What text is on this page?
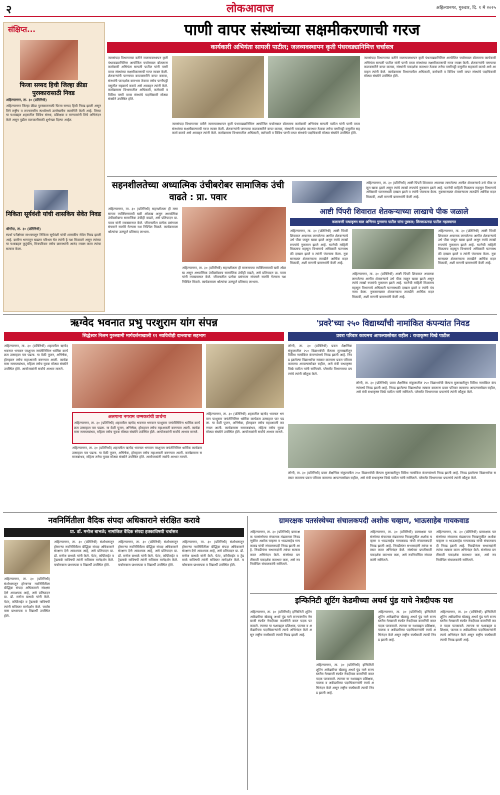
२	लोकआवाज	अहिल्यानगर, गुरुवार, दि. १ मे २०२५
संक्षिप्त...
फिजा सय्यद हिची जिल्हा क्रीडा पुरस्कारासाठी निवड
अहिल्यानगर, ता. ३० (प्रतिनिधी)
अहिल्यानगर जिल्हा क्रीडा पुरस्कारासाठी फिजा सय्यद हिची निवड झाली असून तिने राष्ट्रीय व राज्यस्तरीय स्पर्धांमध्ये उल्लेखनीय कामगिरी केली आहे. तिच्या या यशाबद्दल शहरातील विविध संस्था, प्रशिक्षक व मान्यवरांनी तिचे अभिनंदन केले असून पुढील वाटचालीसाठी शुभेच्छा दिल्या आहेत.
निकिता सूर्यवंशी यांची शासकिय सेवेत निवड
श्रीगोंदा, ता. ३० (प्रतिनिधी)
स्पर्धा परीक्षेच्या माध्यमातून निकिता सूर्यवंशी यांची शासकीय सेवेत निवड झाली आहे. ग्रामीण भागातून खडतर परिश्रम घेत त्यांनी हे यश मिळवले असून त्यांच्या या यशाबद्दल कुटुंबीय, मित्रपरिवार तसेच ग्रामस्थांनी आनंद व्यक्त करत त्यांचा सत्कार केला.
पाणी वापर संस्थांच्या सक्षमीकरणाची गरज
कार्यकारी अभियंता सायली पाटील; जलव्यवस्थापन कृती पंधरवड्यानिमित्त चर्चासत्र
जलसंपदा विभागाच्या वतीने जलव्यवस्थापन कृती पंधरवड्यानिमित्त आयोजित चर्चासत्रात बोलताना कार्यकारी अभियंता सायली पाटील यांनी पाणी वापर संस्थांच्या सक्षमीकरणाची गरज व्यक्त केली. शेतकऱ्यांनी पाण्याचा काटकसरीने वापर करावा, संस्थांनी पारदर्शक कारभार ठेवावा तसेच पाणीपट्टी वसुलीत सहकार्य करावे असे आवाहन त्यांनी केले. कार्यक्रमास विभागातील अधिकारी, कर्मचारी व विविध पाणी वापर संस्थांचे पदाधिकारी मोठ्या संख्येने उपस्थित होते.
जलसंपदा विभागाच्या वतीने जलव्यवस्थापन कृती पंधरवड्यानिमित्त आयोजित चर्चासत्रात बोलताना कार्यकारी अभियंता सायली पाटील यांनी पाणी वापर संस्थांच्या सक्षमीकरणाची गरज व्यक्त केली. शेतकऱ्यांनी पाण्याचा काटकसरीने वापर करावा, संस्थांनी पारदर्शक कारभार ठेवावा तसेच पाणीपट्टी वसुलीत सहकार्य करावे असे आवाहन त्यांनी केले. कार्यक्रमास विभागातील अधिकारी, कर्मचारी व विविध पाणी वापर संस्थांचे पदाधिकारी मोठ्या संख्येने उपस्थित होते.
जलसंपदा विभागाच्या वतीने जलव्यवस्थापन कृती पंधरवड्यानिमित्त आयोजित चर्चासत्रात बोलताना कार्यकारी अभियंता सायली पाटील यांनी पाणी वापर संस्थांच्या सक्षमीकरणाची गरज व्यक्त केली. शेतकऱ्यांनी पाण्याचा काटकसरीने वापर करावा, संस्थांनी पारदर्शक कारभार ठेवावा तसेच पाणीपट्टी वसुलीत सहकार्य करावे असे आवाहन त्यांनी केले. कार्यक्रमास विभागातील अधिकारी, कर्मचारी व विविध पाणी वापर संस्थांचे पदाधिकारी मोठ्या संख्येने उपस्थित होते.
सहनशीलतेच्या अध्यात्मिक उंचीबरोबर सामाजिक उंची वाढते : प्रा. पवार
अहिल्यानगर, ता. ३० (प्रतिनिधी) सहनशीलता ही माणसाच्या व्यक्तिमत्त्वाची खरी ओळख असून अध्यात्मिक उंचीबरोबरच सामाजिक उंचीही वाढते, असे प्रतिपादन प्रा. पवार यांनी व्याख्यानात केले. जीवनातील प्रत्येक प्रसंगाला संयमाने सामोरे गेल्यास यश निश्चित मिळते. कार्यक्रमाला श्रोत्यांचा उत्स्फूर्त प्रतिसाद लाभला.
अहिल्यानगर, ता. ३० (प्रतिनिधी) सहनशीलता ही माणसाच्या व्यक्तिमत्त्वाची खरी ओळख असून अध्यात्मिक उंचीबरोबरच सामाजिक उंचीही वाढते, असे प्रतिपादन प्रा. पवार यांनी व्याख्यानात केले. जीवनातील प्रत्येक प्रसंगाला संयमाने सामोरे गेल्यास यश निश्चित मिळते. कार्यक्रमाला श्रोत्यांचा उत्स्फूर्त प्रतिसाद लाभला.
अहिल्यानगर, ता. ३० (प्रतिनिधी) आष्टी पिंपरी शिवारात अचानक लागलेल्या आगीत शेतकऱ्याचे उभे पीक जळून खाक झाले असून त्यांचे लाखो रुपयांचे नुकसान झाले आहे. घटनेची माहिती मिळताच महसूल विभागाचे अधिकारी घटनास्थळी दाखल झाले व त्यांनी पंचनामा केला. नुकसानग्रस्त शेतकऱ्याला तातडीने आर्थिक मदत मिळावी, अशी मागणी ग्रामस्थांनी केली आहे.
आष्टी पिंपरी शिवारात शेतकऱ्याच्या लाखाचे पीक जळाले
कलावन्ती राधाकृष्ण बाल अभिनय गुणवन्त पाटील यांना पुस्कार; लिल्लाऊनदा पाटील महास्वागत
अहिल्यानगर, ता. ३० (प्रतिनिधी) आष्टी पिंपरी शिवारात अचानक लागलेल्या आगीत शेतकऱ्याचे उभे पीक जळून खाक झाले असून त्यांचे लाखो रुपयांचे नुकसान झाले आहे. घटनेची माहिती मिळताच महसूल विभागाचे अधिकारी घटनास्थळी दाखल झाले व त्यांनी पंचनामा केला. नुकसानग्रस्त शेतकऱ्याला तातडीने आर्थिक मदत मिळावी, अशी मागणी ग्रामस्थांनी केली आहे.
अहिल्यानगर, ता. ३० (प्रतिनिधी) आष्टी पिंपरी शिवारात अचानक लागलेल्या आगीत शेतकऱ्याचे उभे पीक जळून खाक झाले असून त्यांचे लाखो रुपयांचे नुकसान झाले आहे. घटनेची माहिती मिळताच महसूल विभागाचे अधिकारी घटनास्थळी दाखल झाले व त्यांनी पंचनामा केला. नुकसानग्रस्त शेतकऱ्याला तातडीने आर्थिक मदत मिळावी, अशी मागणी ग्रामस्थांनी केली आहे.
अहिल्यानगर, ता. ३० (प्रतिनिधी) आष्टी पिंपरी शिवारात अचानक लागलेल्या आगीत शेतकऱ्याचे उभे पीक जळून खाक झाले असून त्यांचे लाखो रुपयांचे नुकसान झाले आहे. घटनेची माहिती मिळताच महसूल विभागाचे अधिकारी घटनास्थळी दाखल झाले व त्यांनी पंचनामा केला. नुकसानग्रस्त शेतकऱ्याला तातडीने आर्थिक मदत मिळावी, अशी मागणी ग्रामस्थांनी केली आहे.
ऋग्वेद भवनात प्रभु परशुराम यांग संपन्न
सिद्धेश्वर निलम गुरुस्वामी मार्गदर्शनाखाली ११ नवविधीही दान्त्याचा सहभाग
अहिल्यानगर, ता. ३० (प्रतिनिधी) शहरातील ऋग्वेद भवनात भगवान परशुराम जयंतीनिमित्त धार्मिक कार्यक्रम उत्साहात पार पडला. या वेळी पूजन, अभिषेक, होमहवन तसेच महाआरती करण्यात आली. कार्यक्रमास समाजबांधव, महिला तसेच युवक मोठ्या संख्येने उपस्थित होते. आयोजकांनी सर्वांचे आभार मानले.
अलगाना नगराम धम्मकरांची प्रार्थना
अहिल्यानगर, ता. ३० (प्रतिनिधी) शहरातील ऋग्वेद भवनात भगवान परशुराम जयंतीनिमित्त धार्मिक कार्यक्रम उत्साहात पार पडला. या वेळी पूजन, अभिषेक, होमहवन तसेच महाआरती करण्यात आली. कार्यक्रमास समाजबांधव, महिला तसेच युवक मोठ्या संख्येने उपस्थित होते. आयोजकांनी सर्वांचे आभार मानले.
अहिल्यानगर, ता. ३० (प्रतिनिधी) शहरातील ऋग्वेद भवनात भगवान परशुराम जयंतीनिमित्त धार्मिक कार्यक्रम उत्साहात पार पडला. या वेळी पूजन, अभिषेक, होमहवन तसेच महाआरती करण्यात आली. कार्यक्रमास समाजबांधव, महिला तसेच युवक मोठ्या संख्येने उपस्थित होते. आयोजकांनी सर्वांचे आभार मानले.
अहिल्यानगर, ता. ३० (प्रतिनिधी) शहरातील ऋग्वेद भवनात भगवान परशुराम जयंतीनिमित्त धार्मिक कार्यक्रम उत्साहात पार पडला. या वेळी पूजन, अभिषेक, होमहवन तसेच महाआरती करण्यात आली. कार्यक्रमास समाजबांधव, महिला तसेच युवक मोठ्या संख्येने उपस्थित होते. आयोजकांनी सर्वांचे आभार मानले.
'प्रवरे'च्या २५० विद्यार्थ्यांची नामांकित कंपन्यांत निवड
प्रवरा परिवार कायमच आपल्यासोबत राहील : राधाकृष्ण विखे पाटील
लोणी, ता. ३० (प्रतिनिधी) प्रवरा शैक्षणिक संकुलातील २५० विद्यार्थ्यांची कॅम्पस मुलाखतीतून विविध नामांकित कंपन्यांमध्ये निवड झाली आहे. निवड झालेल्या विद्यार्थ्यांचा सत्कार करताना प्रवरा परिवार कायमच आपल्यासोबत राहील, असे मंत्री राधाकृष्ण विखे पाटील यांनी सांगितले. प्लेसमेंट विभागाच्या प्रयत्नांचे त्यांनी कौतुक केले.
लोणी, ता. ३० (प्रतिनिधी) प्रवरा शैक्षणिक संकुलातील २५० विद्यार्थ्यांची कॅम्पस मुलाखतीतून विविध नामांकित कंपन्यांमध्ये निवड झाली आहे. निवड झालेल्या विद्यार्थ्यांचा सत्कार करताना प्रवरा परिवार कायमच आपल्यासोबत राहील, असे मंत्री राधाकृष्ण विखे पाटील यांनी सांगितले. प्लेसमेंट विभागाच्या प्रयत्नांचे त्यांनी कौतुक केले.
लोणी, ता. ३० (प्रतिनिधी) प्रवरा शैक्षणिक संकुलातील २५० विद्यार्थ्यांची कॅम्पस मुलाखतीतून विविध नामांकित कंपन्यांमध्ये निवड झाली आहे. निवड झालेल्या विद्यार्थ्यांचा सत्कार करताना प्रवरा परिवार कायमच आपल्यासोबत राहील, असे मंत्री राधाकृष्ण विखे पाटील यांनी सांगितले. प्लेसमेंट विभागाच्या प्रयत्नांचे त्यांनी कौतुक केले.
नवनिर्मितीला वैदिक संपदा अधिकाराने संरक्षित करावे
प्रा. डॉ. मनोज बाभळे; नामांकित वैदिक संपदा हक्काविषयी चर्चासत्र
अहिल्यानगर, ता. ३० (प्रतिनिधी) संशोधनातून होणाऱ्या नवनिर्मितीला बौद्धिक संपदा अधिकाराने संरक्षण देणे आवश्यक आहे, असे प्रतिपादन प्रा. डॉ. मनोज बाभळे यांनी केले. पेटंट, कॉपीराईट व ट्रेडमार्क याविषयी त्यांनी सविस्तर मार्गदर्शन केले. चर्चासत्रास प्राध्यापक व विद्यार्थी उपस्थित होते.
अहिल्यानगर, ता. ३० (प्रतिनिधी) संशोधनातून होणाऱ्या नवनिर्मितीला बौद्धिक संपदा अधिकाराने संरक्षण देणे आवश्यक आहे, असे प्रतिपादन प्रा. डॉ. मनोज बाभळे यांनी केले. पेटंट, कॉपीराईट व ट्रेडमार्क याविषयी त्यांनी सविस्तर मार्गदर्शन केले. चर्चासत्रास प्राध्यापक व विद्यार्थी उपस्थित होते.
अहिल्यानगर, ता. ३० (प्रतिनिधी) संशोधनातून होणाऱ्या नवनिर्मितीला बौद्धिक संपदा अधिकाराने संरक्षण देणे आवश्यक आहे, असे प्रतिपादन प्रा. डॉ. मनोज बाभळे यांनी केले. पेटंट, कॉपीराईट व ट्रेडमार्क याविषयी त्यांनी सविस्तर मार्गदर्शन केले. चर्चासत्रास प्राध्यापक व विद्यार्थी उपस्थित होते.
अहिल्यानगर, ता. ३० (प्रतिनिधी) संशोधनातून होणाऱ्या नवनिर्मितीला बौद्धिक संपदा अधिकाराने संरक्षण देणे आवश्यक आहे, असे प्रतिपादन प्रा. डॉ. मनोज बाभळे यांनी केले. पेटंट, कॉपीराईट व ट्रेडमार्क याविषयी त्यांनी सविस्तर मार्गदर्शन केले. चर्चासत्रास प्राध्यापक व विद्यार्थी उपस्थित होते.
ग्रामरक्षक पतसंस्थेच्या संचालकपदी अशोक चव्हाण, भाऊसाहेब गायकवाड
अहिल्यानगर, ता. ३० (प्रतिनिधी) ग्रामरक्षक पतसंस्थेच्या संचालक मंडळाच्या निवडणुकीत अशोक चव्हाण व भाऊसाहेब गायकवाड यांची संचालकपदी निवड झाली आहे. निवडीनंतर सभासदांनी त्यांचा सत्कार करत अभिनंदन केले. संस्थेच्या प्रगतीसाठी पारदर्शक कारभार करू, असे नवनिर्वाचित संचालकांनी सांगितले.
अहिल्यानगर, ता. ३० (प्रतिनिधी) ग्रामरक्षक पतसंस्थेच्या संचालक मंडळाच्या निवडणुकीत अशोक चव्हाण व भाऊसाहेब गायकवाड यांची संचालकपदी निवड झाली आहे. निवडीनंतर सभासदांनी त्यांचा सत्कार करत अभिनंदन केले. संस्थेच्या प्रगतीसाठी पारदर्शक कारभार करू, असे नवनिर्वाचित संचालकांनी सांगितले.
अहिल्यानगर, ता. ३० (प्रतिनिधी) ग्रामरक्षक पतसंस्थेच्या संचालक मंडळाच्या निवडणुकीत अशोक चव्हाण व भाऊसाहेब गायकवाड यांची संचालकपदी निवड झाली आहे. निवडीनंतर सभासदांनी त्यांचा सत्कार करत अभिनंदन केले. संस्थेच्या प्रगतीसाठी पारदर्शक कारभार करू, असे नवनिर्वाचित संचालकांनी सांगितले.
इन्फिनिटी शूटिंग केडमीच्या अथर्व पुंड याचे नेत्रदीपक यश
अहिल्यानगर, ता. ३० (प्रतिनिधी) इन्फिनिटी शूटिंग अकॅडमीचा खेळाडू अथर्व पुंड याने राज्यस्तरीय नेमबाजी स्पर्धेत नेत्रदीपक कामगिरी करत पदक पटकावले. त्याच्या या यशाबद्दल प्रशिक्षक, पालक व अकॅडमीच्या पदाधिकाऱ्यांनी त्याचे अभिनंदन केले असून राष्ट्रीय स्पर्धेसाठी त्याची निवड झाली आहे.
अहिल्यानगर, ता. ३० (प्रतिनिधी) इन्फिनिटी शूटिंग अकॅडमीचा खेळाडू अथर्व पुंड याने राज्यस्तरीय नेमबाजी स्पर्धेत नेत्रदीपक कामगिरी करत पदक पटकावले. त्याच्या या यशाबद्दल प्रशिक्षक, पालक व अकॅडमीच्या पदाधिकाऱ्यांनी त्याचे अभिनंदन केले असून राष्ट्रीय स्पर्धेसाठी त्याची निवड झाली आहे.
अहिल्यानगर, ता. ३० (प्रतिनिधी) इन्फिनिटी शूटिंग अकॅडमीचा खेळाडू अथर्व पुंड याने राज्यस्तरीय नेमबाजी स्पर्धेत नेत्रदीपक कामगिरी करत पदक पटकावले. त्याच्या या यशाबद्दल प्रशिक्षक, पालक व अकॅडमीच्या पदाधिकाऱ्यांनी त्याचे अभिनंदन केले असून राष्ट्रीय स्पर्धेसाठी त्याची निवड झाली आहे.
अहिल्यानगर, ता. ३० (प्रतिनिधी) इन्फिनिटी शूटिंग अकॅडमीचा खेळाडू अथर्व पुंड याने राज्यस्तरीय नेमबाजी स्पर्धेत नेत्रदीपक कामगिरी करत पदक पटकावले. त्याच्या या यशाबद्दल प्रशिक्षक, पालक व अकॅडमीच्या पदाधिकाऱ्यांनी त्याचे अभिनंदन केले असून राष्ट्रीय स्पर्धेसाठी त्याची निवड झाली आहे.
